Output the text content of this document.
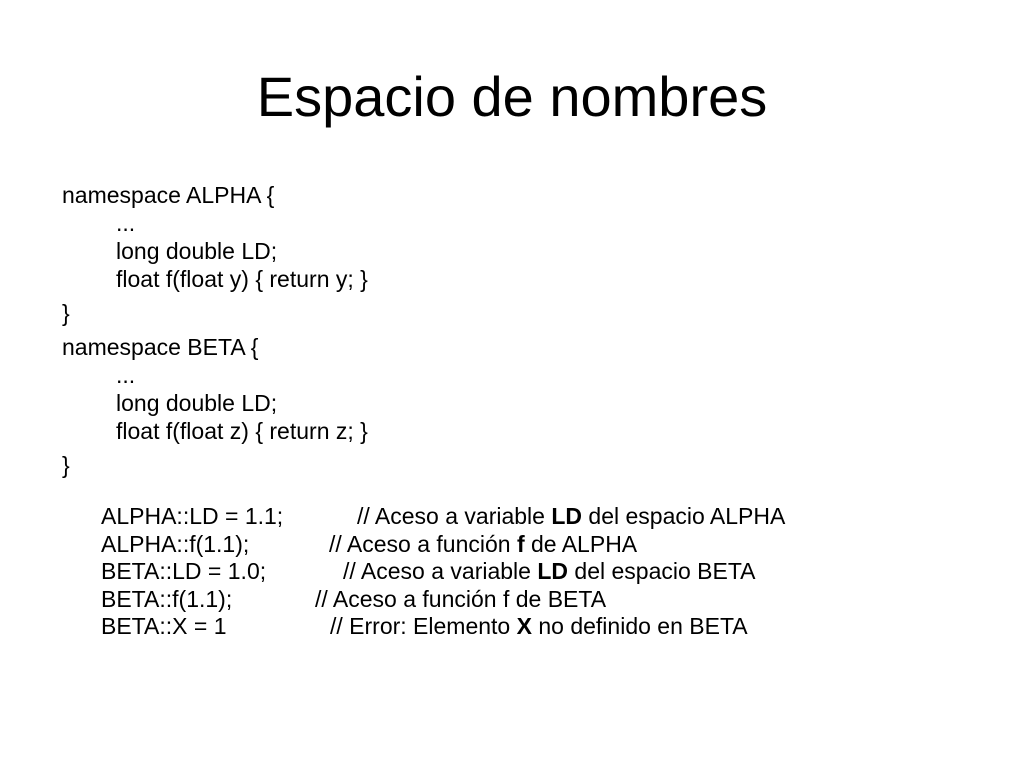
Espacio de nombres
namespace ALPHA {
...
long double LD;
float f(float y) { return y; }
}
namespace BETA {
...
long double LD;
float f(float z) { return z; }
}

ALPHA::LD = 1.1;

	// Aceso a variable LD del espacio ALPHA

ALPHA::f(1.1);

	// Aceso a función f de ALPHA

BETA::LD = 1.0;

	// Aceso a variable LD del espacio BETA

BETA::f(1.1);

	// Aceso a función f de BETA

BETA::X = 1

	// Error: Elemento X no definido en BETA
